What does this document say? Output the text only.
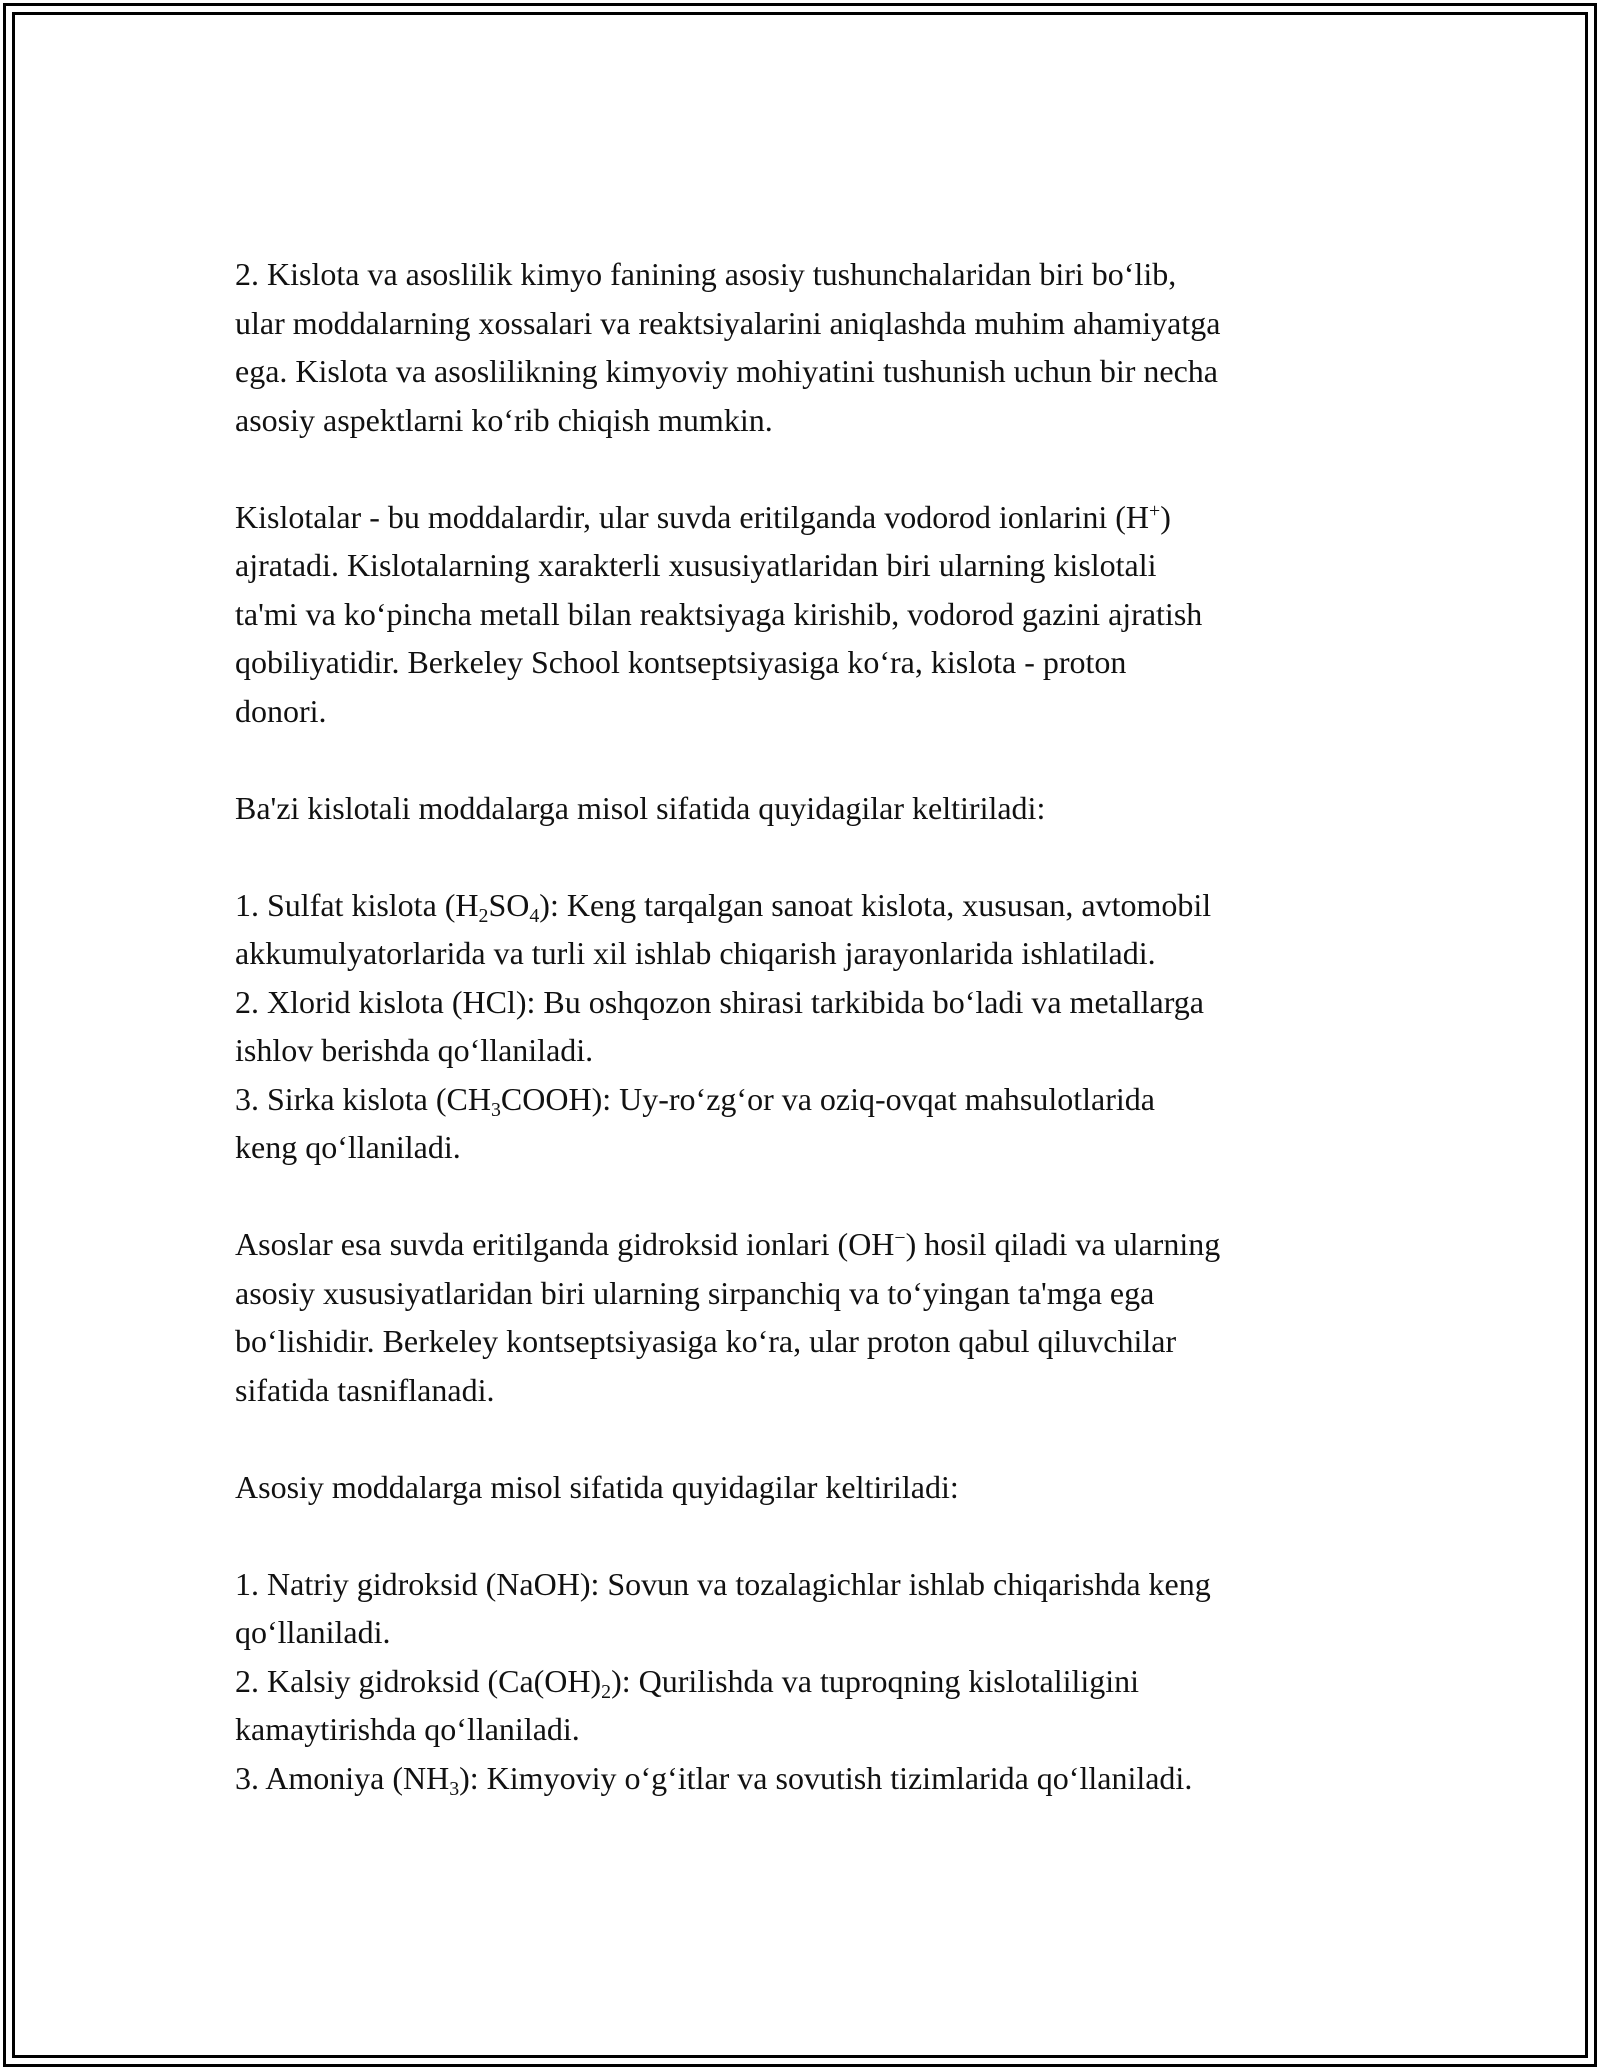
2. Kislota va asoslilik kimyo fanining asosiy tushunchalaridan biri bo‘lib,
ular moddalarning xossalari va reaktsiyalarini aniqlashda muhim ahamiyatga
ega. Kislota va asoslilikning kimyoviy mohiyatini tushunish uchun bir necha
asosiy aspektlarni ko‘rib chiqish mumkin.

Kislotalar - bu moddalardir, ular suvda eritilganda vodorod ionlarini (H+)
ajratadi. Kislotalarning xarakterli xususiyatlaridan biri ularning kislotali
ta'mi va ko‘pincha metall bilan reaktsiyaga kirishib, vodorod gazini ajratish
qobiliyatidir. Berkeley School kontseptsiyasiga ko‘ra, kislota - proton
donori.

Ba'zi kislotali moddalarga misol sifatida quyidagilar keltiriladi:

1. Sulfat kislota $(H_2SO_4)$: Keng tarqalgan sanoat kislota, xususan, avtomobil
akkumulyatorlarida va turli xil ishlab chiqarish jarayonlarida ishlatiladi.
2. Xlorid kislota (HCl): Bu oshqozon shirasi tarkibida bo‘ladi va metallarga
ishlov berishda qo‘llaniladi.
3. Sirka kislota $(CH_3COOH)$: Uy-ro‘zg‘or va oziq-ovqat mahsulotlarida
keng qo‘llaniladi.

Asoslar esa suvda eritilganda gidroksid ionlari (OH−) hosil qiladi va ularning
asosiy xususiyatlaridan biri ularning sirpanchiq va to‘yingan ta'mga ega
bo‘lishidir. Berkeley kontseptsiyasiga ko‘ra, ular proton qabul qiluvchilar
sifatida tasniflanadi.

Asosiy moddalarga misol sifatida quyidagilar keltiriladi:

1. Natriy gidroksid (NaOH): Sovun va tozalagichlar ishlab chiqarishda keng
qo‘llaniladi.
2. Kalsiy gidroksid $(Ca(OH)_2)$: Qurilishda va tuproqning kislotaliligini
kamaytirishda qo‘llaniladi.
3. Amoniya $(NH_3)$: Kimyoviy o‘g‘itlar va sovutish tizimlarida qo‘llaniladi.
